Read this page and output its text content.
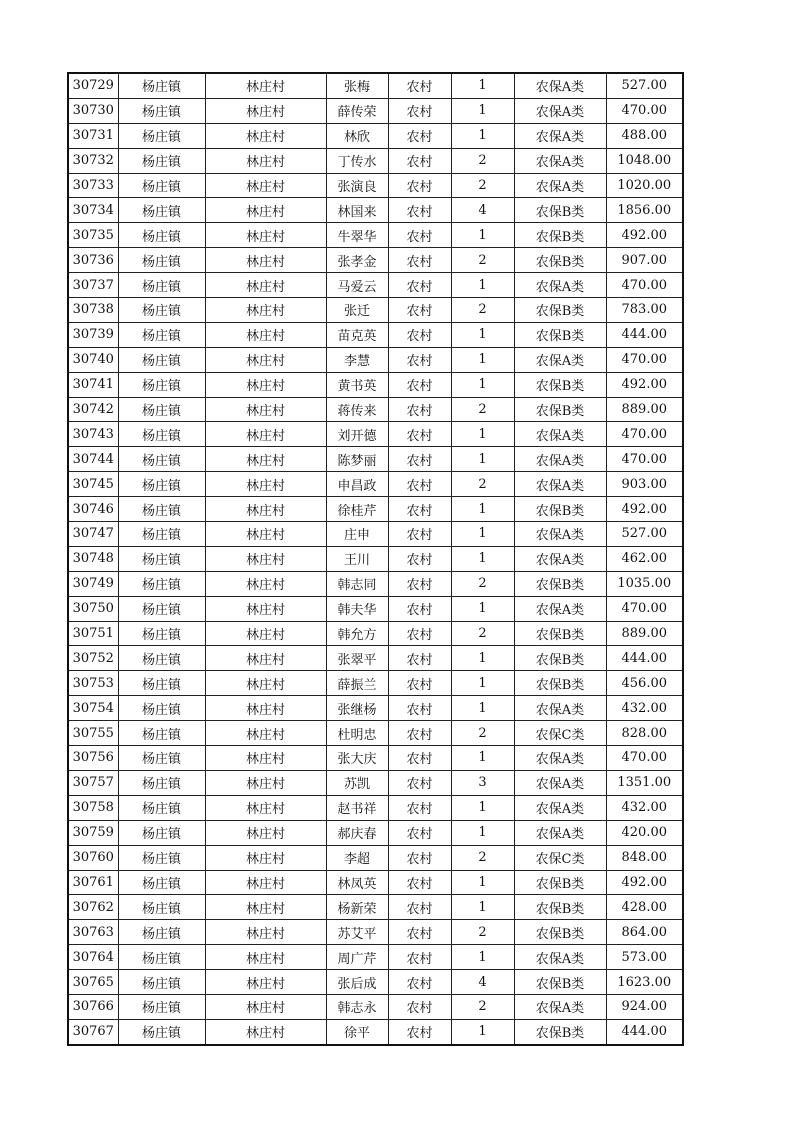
30729	杨庄镇	林庄村	张梅	农村	1	农保A类	527.00
30730	杨庄镇	林庄村	薛传荣	农村	1	农保A类	470.00
30731	杨庄镇	林庄村	林欣	农村	1	农保A类	488.00
30732	杨庄镇	林庄村	丁传水	农村	2	农保A类	1048.00
30733	杨庄镇	林庄村	张演良	农村	2	农保A类	1020.00
30734	杨庄镇	林庄村	林国来	农村	4	农保B类	1856.00
30735	杨庄镇	林庄村	牛翠华	农村	1	农保B类	492.00
30736	杨庄镇	林庄村	张孝金	农村	2	农保B类	907.00
30737	杨庄镇	林庄村	马爱云	农村	1	农保A类	470.00
30738	杨庄镇	林庄村	张迁	农村	2	农保B类	783.00
30739	杨庄镇	林庄村	苗克英	农村	1	农保B类	444.00
30740	杨庄镇	林庄村	李慧	农村	1	农保A类	470.00
30741	杨庄镇	林庄村	黄书英	农村	1	农保B类	492.00
30742	杨庄镇	林庄村	蒋传来	农村	2	农保B类	889.00
30743	杨庄镇	林庄村	刘开德	农村	1	农保A类	470.00
30744	杨庄镇	林庄村	陈梦丽	农村	1	农保A类	470.00
30745	杨庄镇	林庄村	申昌政	农村	2	农保A类	903.00
30746	杨庄镇	林庄村	徐桂芹	农村	1	农保B类	492.00
30747	杨庄镇	林庄村	庄申	农村	1	农保A类	527.00
30748	杨庄镇	林庄村	王川	农村	1	农保A类	462.00
30749	杨庄镇	林庄村	韩志同	农村	2	农保B类	1035.00
30750	杨庄镇	林庄村	韩夫华	农村	1	农保A类	470.00
30751	杨庄镇	林庄村	韩允方	农村	2	农保B类	889.00
30752	杨庄镇	林庄村	张翠平	农村	1	农保B类	444.00
30753	杨庄镇	林庄村	薛振兰	农村	1	农保B类	456.00
30754	杨庄镇	林庄村	张继杨	农村	1	农保A类	432.00
30755	杨庄镇	林庄村	杜明忠	农村	2	农保C类	828.00
30756	杨庄镇	林庄村	张大庆	农村	1	农保A类	470.00
30757	杨庄镇	林庄村	苏凯	农村	3	农保A类	1351.00
30758	杨庄镇	林庄村	赵书祥	农村	1	农保A类	432.00
30759	杨庄镇	林庄村	郝庆春	农村	1	农保A类	420.00
30760	杨庄镇	林庄村	李超	农村	2	农保C类	848.00
30761	杨庄镇	林庄村	林凤英	农村	1	农保B类	492.00
30762	杨庄镇	林庄村	杨新荣	农村	1	农保B类	428.00
30763	杨庄镇	林庄村	苏艾平	农村	2	农保B类	864.00
30764	杨庄镇	林庄村	周广芹	农村	1	农保A类	573.00
30765	杨庄镇	林庄村	张后成	农村	4	农保B类	1623.00
30766	杨庄镇	林庄村	韩志永	农村	2	农保A类	924.00
30767	杨庄镇	林庄村	徐平	农村	1	农保B类	444.00
